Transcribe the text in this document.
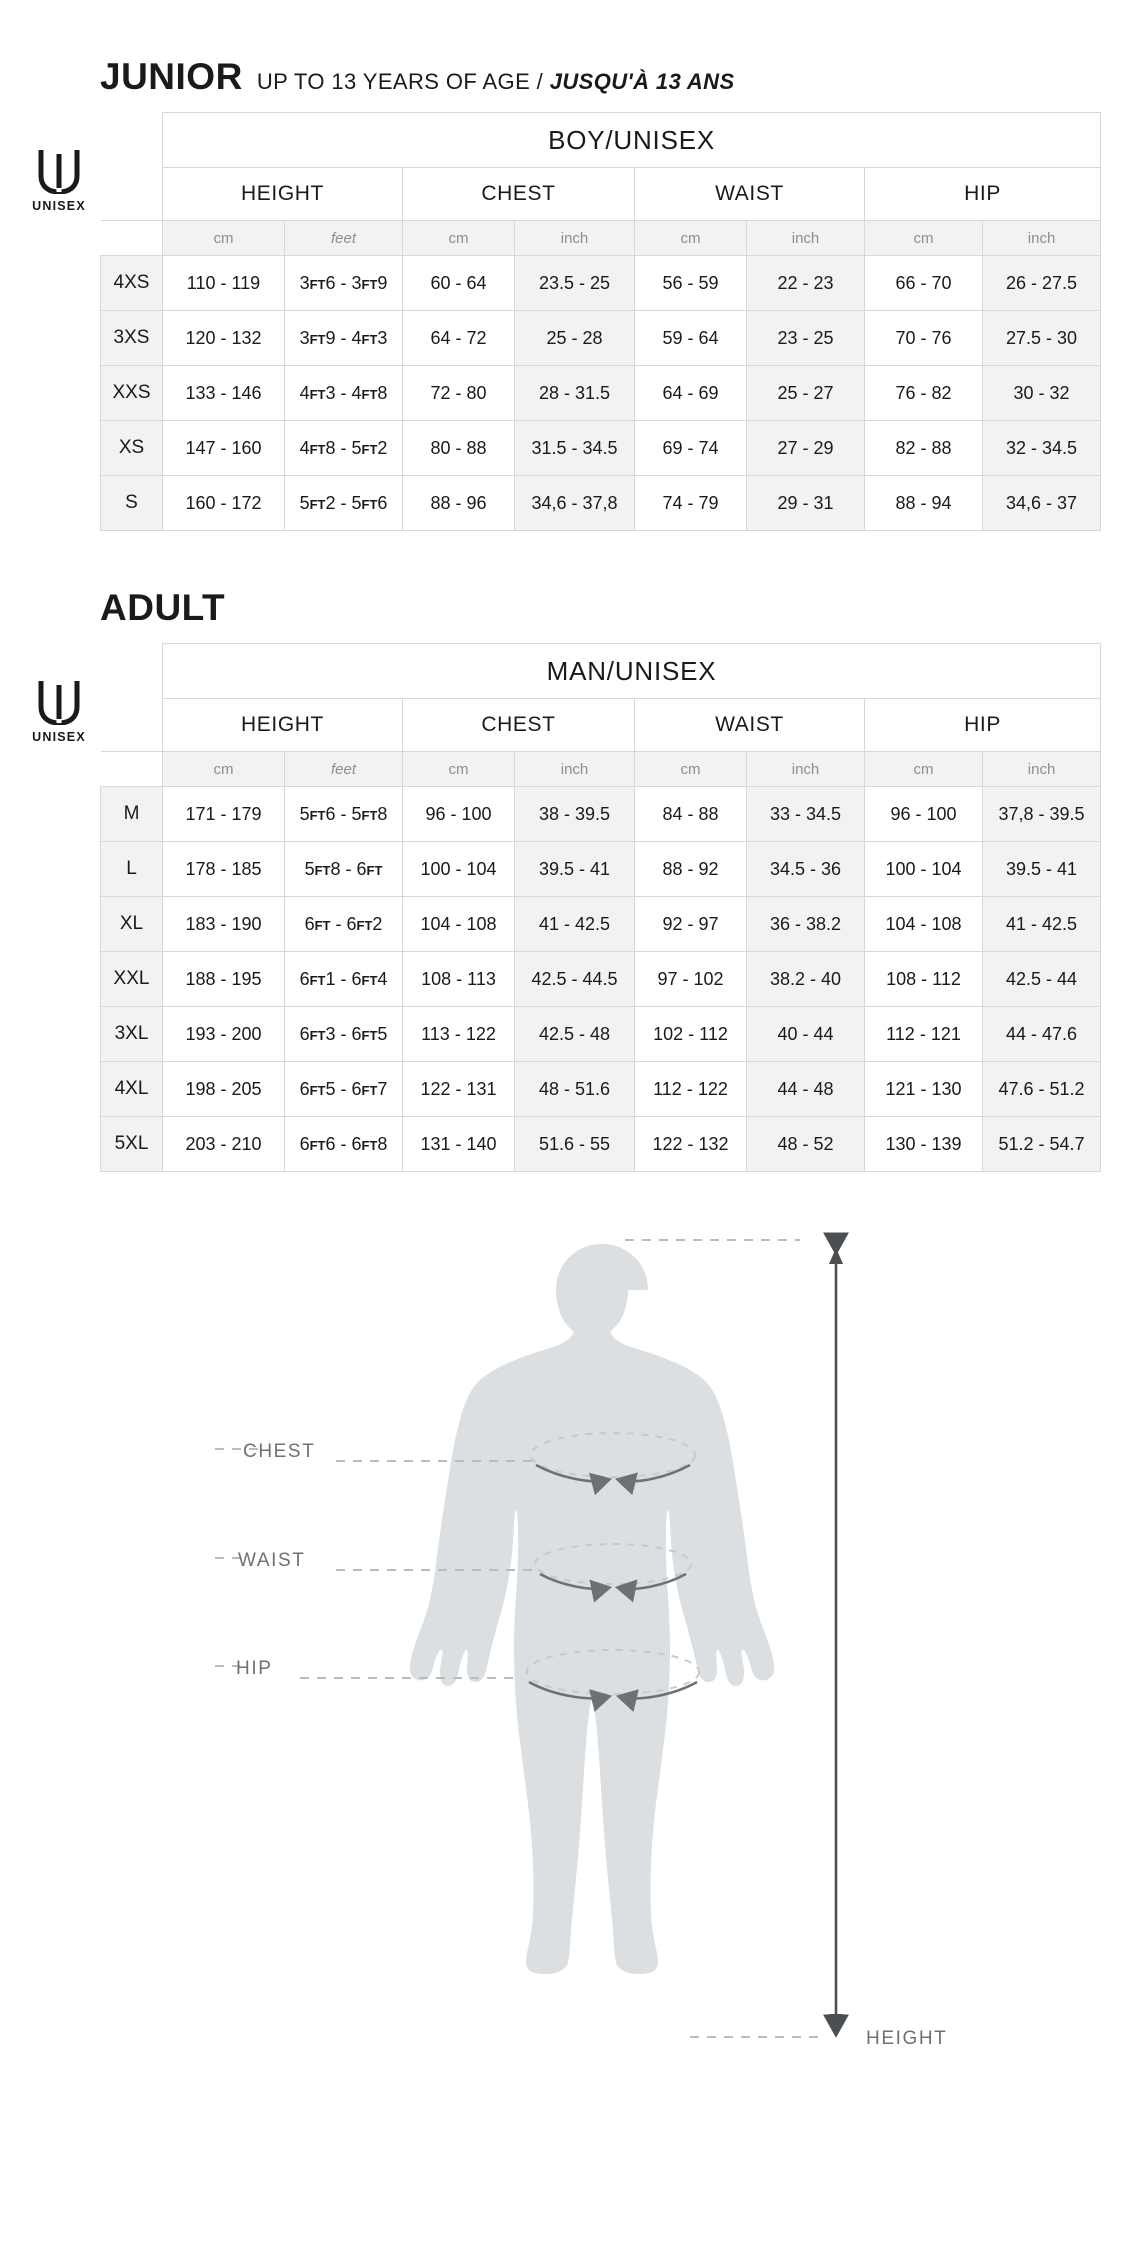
JUNIOR UP TO 13 YEARS OF AGE / JUSQU'À 13 ANS
UNISEX
	BOY/UNISEX							
	HEIGHT		CHEST		WAIST		HIP	
	cm	feet	cm	inch	cm	inch	cm	inch
4XS	110 - 119	3FT6 - 3FT9	60 - 64	23.5 - 25	56 - 59	22 - 23	66 - 70	26 - 27.5
3XS	120 - 132	3FT9 - 4FT3	64 - 72	25 - 28	59 - 64	23 - 25	70 - 76	27.5 - 30
XXS	133 - 146	4FT3 - 4FT8	72 - 80	28 - 31.5	64 - 69	25 - 27	76 - 82	30 - 32
XS	147 - 160	4FT8 - 5FT2	80 - 88	31.5 - 34.5	69 - 74	27 - 29	82 - 88	32 - 34.5
S	160 - 172	5FT2 - 5FT6	88 - 96	34,6 - 37,8	74 - 79	29 - 31	88 - 94	34,6 - 37
ADULT
UNISEX
	MAN/UNISEX							
	HEIGHT		CHEST		WAIST		HIP	
	cm	feet	cm	inch	cm	inch	cm	inch
M	171 - 179	5FT6 - 5FT8	96 - 100	38 - 39.5	84 - 88	33 - 34.5	96 - 100	37,8 - 39.5
L	178 - 185	5FT8 - 6FT	100 - 104	39.5 - 41	88 - 92	34.5 - 36	100 - 104	39.5 - 41
XL	183 - 190	6FT - 6FT2	104 - 108	41 - 42.5	92 - 97	36 - 38.2	104 - 108	41 - 42.5
XXL	188 - 195	6FT1 - 6FT4	108 - 113	42.5 - 44.5	97 - 102	38.2 - 40	108 - 112	42.5 - 44
3XL	193 - 200	6FT3 - 6FT5	113 - 122	42.5 - 48	102 - 112	40 - 44	112 - 121	44 - 47.6
4XL	198 - 205	6FT5 - 6FT7	122 - 131	48 - 51.6	112 - 122	44 - 48	121 - 130	47.6 - 51.2
5XL	203 - 210	6FT6 - 6FT8	131 - 140	51.6 - 55	122 - 132	48 - 52	130 - 139	51.2 - 54.7
CHEST
WAIST
HIP
HEIGHT
